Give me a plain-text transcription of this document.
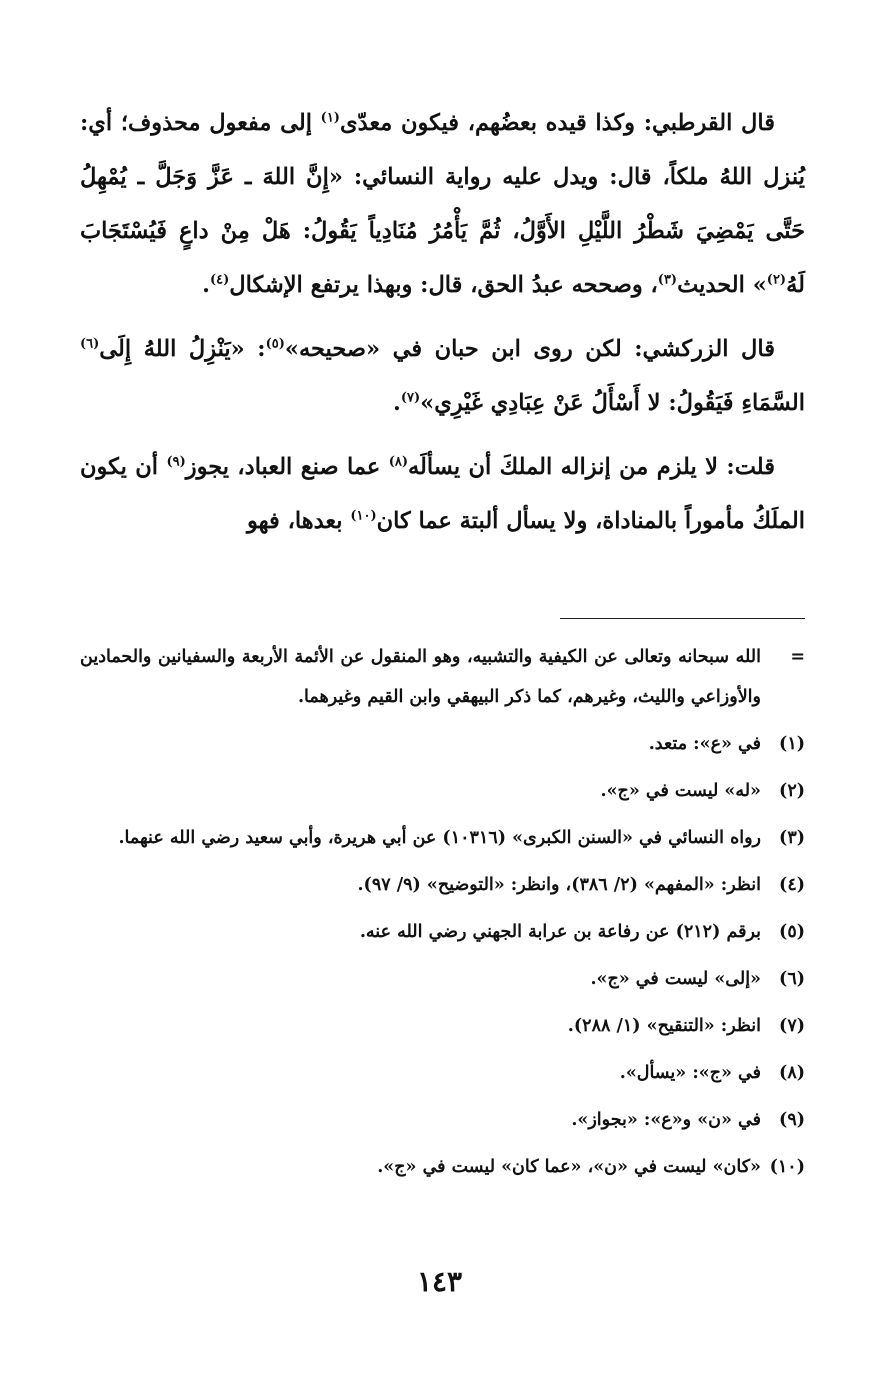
قال القرطبي: وكذا قيده بعضُهم، فيكون معدّى$^{(١)}$ إلى مفعول محذوف؛ أي: يُنزل اللهُ ملكاً، قال: ويدل عليه رواية النسائي: «إِنَّ اللهَ ـ عَزَّ وَجَلَّ ـ يُمْهِلُ حَتَّى يَمْضِيَ شَطْرُ اللَّيْلِ الأَوَّلُ، ثُمَّ يَأْمُرُ مُنَادِياً يَقُولُ: هَلْ مِنْ داعٍ فَيُسْتَجَابَ لَهُ$^{(٢)}$» الحديث$^{(٣)}$، وصححه عبدُ الحق، قال: وبهذا يرتفع الإشكال$^{(٤)}$.

قال الزركشي: لكن روى ابن حبان في «صحيحه»$^{(٥)}$: «يَنْزِلُ اللهُ إِلَى$^{(٦)}$ السَّمَاءِ فَيَقُولُ: لا أَسْأَلُ عَنْ عِبَادِي غَيْرِي»$^{(٧)}$.

قلت: لا يلزم من إنزاله الملكَ أن يسألَه$^{(٨)}$ عما صنع العباد، يجوز$^{(٩)}$ أن يكون الملَكُ مأموراً بالمناداة، ولا يسأل ألبتة عما كان$^{(١٠)}$ بعدها، فهو

=
الله سبحانه وتعالى عن الكيفية والتشبيه، وهو المنقول عن الأئمة الأربعة والسفيانين والحمادين والأوزاعي والليث، وغيرهم، كما ذكر البيهقي وابن القيم وغيرهما.
(١)
في «ع»: متعد.
(٢)
«له» ليست في «ج».
(٣)
رواه النسائي في «السنن الكبرى» (١٠٣١٦) عن أبي هريرة، وأبي سعيد رضي الله عنهما.
(٤)
انظر: «المفهم» (٢/ ٣٨٦)، وانظر: «التوضيح» (٩/ ٩٧).
(٥)
برقم (٢١٢) عن رفاعة بن عرابة الجهني رضي الله عنه.
(٦)
«إلى» ليست في «ج».
(٧)
انظر: «التنقيح» (١/ ٢٨٨).
(٨)
في «ج»: «يسأل».
(٩)
في «ن» و«ع»: «بجواز».
(١٠)
«كان» ليست في «ن»، «عما كان» ليست في «ج».
١٤٣
